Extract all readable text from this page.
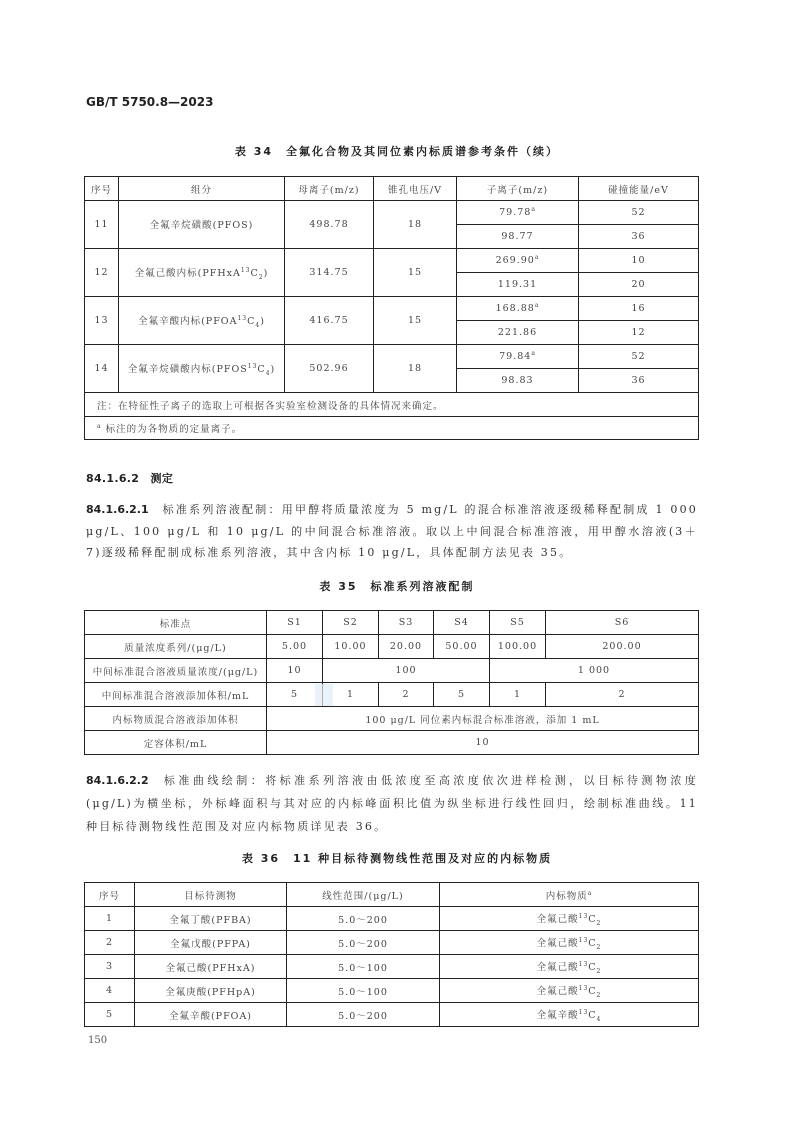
GB/T 5750.8—2023
表 34　全氟化合物及其同位素内标质谱参考条件（续）
序号	组分	母离子(m/z)	锥孔电压/V	子离子(m/z)	碰撞能量/eV
11	全氟辛烷磺酸(PFOS)	498.78	18	79.78$^a$	52
				98.77	36
12	全氟己酸内标$(PFHxA^{13}C_2)$	314.75	15	269.90$^a$	10
				119.31	20
13	全氟辛酸内标$(PFOA^{13}C_4)$	416.75	15	168.88$^a$	16
				221.86	12
14	全氟辛烷磺酸内标$(PFOS^{13}C_4)$	502.96	18	79.84$^a$	52
				98.83	36
注：在特征性子离子的选取上可根据各实验室检测设备的具体情况来确定。					
$^a$ 标注的为各物质的定量离子。					
84.1.6.2　 测定
84.1.6.2.1 标准系列溶液配制：用甲醇将质量浓度为 5 mg/L 的混合标准溶液逐级稀释配制成 1 000 μg/L、100 μg/L 和 10 μg/L 的中间混合标准溶液。取以上中间混合标准溶液，用甲醇水溶液(3＋7)逐级稀释配制成标准系列溶液，其中含内标 10 μg/L，具体配制方法见表 35。
表 35　标准系列溶液配制
标准点	S1	S2	S3	S4	S5	S6
质量浓度系列/(μg/L)	5.00	10.00	20.00	50.00	100.00	200.00
中间标准混合溶液质量浓度/(μg/L)	10	100			1 000	
中间标准混合溶液添加体积/mL	5	1	2	5	1	2
内标物质混合溶液添加体积	100 μg/L 同位素内标混合标准溶液，添加 1 mL					
定容体积/mL	10					
84.1.6.2.2 标准曲线绘制：将标准系列溶液由低浓度至高浓度依次进样检测，以目标待测物浓度(μg/L)为横坐标，外标峰面积与其对应的内标峰面积比值为纵坐标进行线性回归，绘制标准曲线。11 种目标待测物线性范围及对应内标物质详见表 36。
表 36　11 种目标待测物线性范围及对应的内标物质
序号	目标待测物	线性范围/(μg/L)	内标物质$^a$
1	全氟丁酸(PFBA)	5.0～200	全氟己酸$^{13}C_2$
2	全氟戊酸(PFPA)	5.0～200	全氟己酸$^{13}C_2$
3	全氟己酸(PFHxA)	5.0～100	全氟己酸$^{13}C_2$
4	全氟庚酸(PFHpA)	5.0～100	全氟己酸$^{13}C_2$
5	全氟辛酸(PFOA)	5.0～200	全氟辛酸$^{13}C_4$
150
